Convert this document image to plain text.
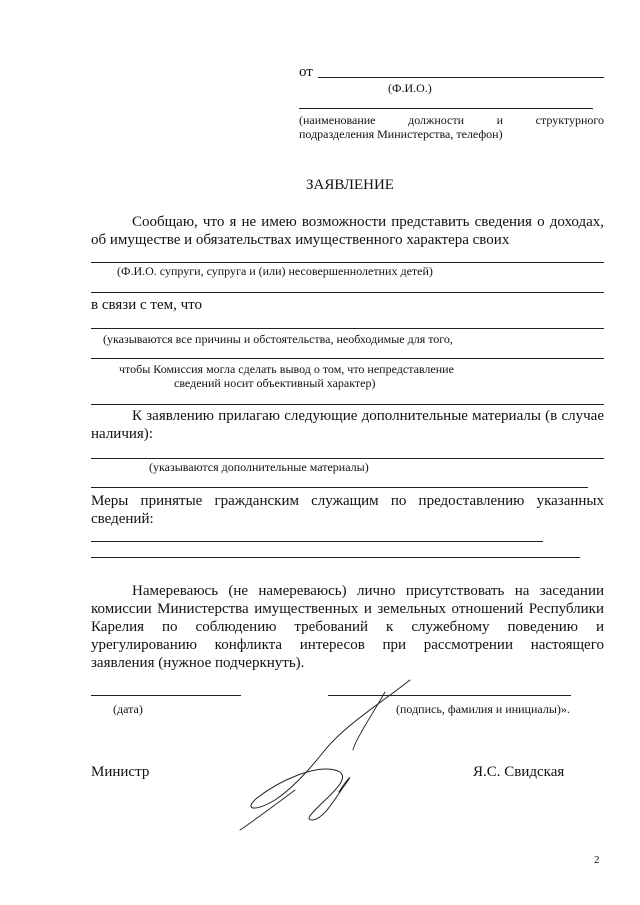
от
(Ф.И.О.)
(наименование должности и структурного
подразделения Министерства, телефон)
ЗАЯВЛЕНИЕ
Сообщаю, что я не имею возможности представить сведения о доходах,
об имуществе и обязательствах имущественного характера своих
(Ф.И.О. супруги, супруга и (или) несовершеннолетних детей)
в связи с тем, что
(указываются все причины и обстоятельства, необходимые для того,
чтобы Комиссия могла сделать вывод о том, что непредставление
сведений носит объективный характер)
К заявлению прилагаю следующие дополнительные материалы (в случае
наличия):
(указываются дополнительные материалы)
Меры принятые гражданским служащим по предоставлению указанных
сведений:
Намереваюсь (не намереваюсь) лично присутствовать на заседании
комиссии Министерства имущественных и земельных отношений Республики
Карелия по соблюдению требований к служебному поведению и
урегулированию конфликта интересов при рассмотрении настоящего
заявления (нужное подчеркнуть).
(дата)	(подпись, фамилия и инициалы)».
Министр	Я.С. Свидская
2
